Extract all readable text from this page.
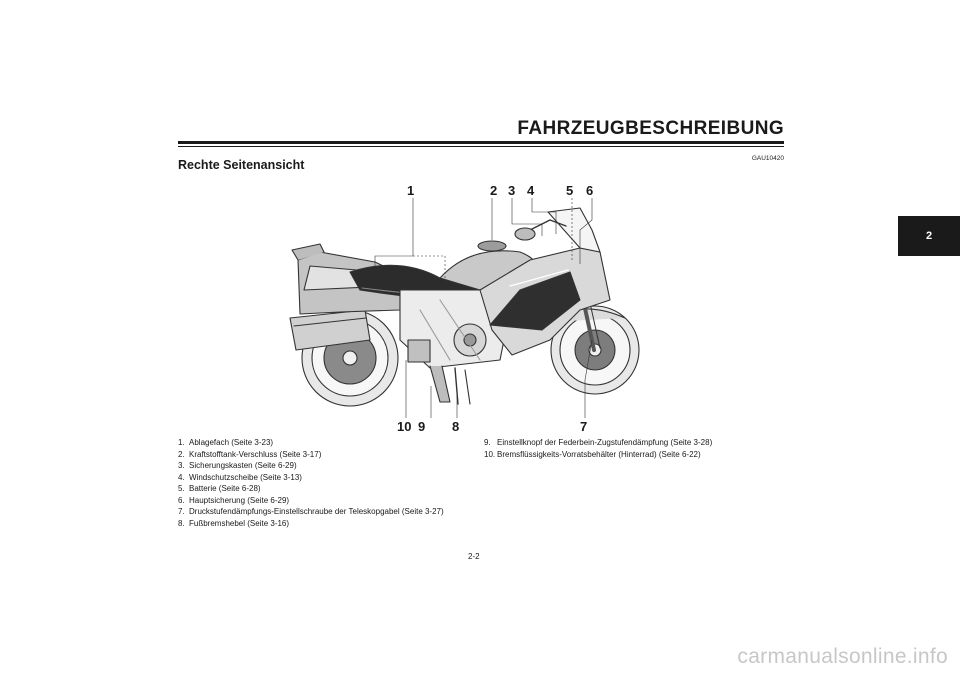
FAHRZEUGBESCHREIBUNG
GAU10420
Rechte Seitenansicht
2
1	2 3 4 5 6
10 9 8	7
1. Ablagefach (Seite 3-23)
2. Kraftstofftank-Verschluss (Seite 3-17)
3. Sicherungskasten (Seite 6-29)
4. Windschutzscheibe (Seite 3-13)
5. Batterie (Seite 6-28)
6. Hauptsicherung (Seite 6-29)
7. Druckstufendämpfungs-Einstellschraube der Teleskopgabel (Seite 3-27)
8. Fußbremshebel (Seite 3-16)
9. Einstellknopf der Federbein-Zugstufendämpfung (Seite 3-28)
10. Bremsflüssigkeits-Vorratsbehälter (Hinterrad) (Seite 6-22)
2-2
carmanualsonline.info
